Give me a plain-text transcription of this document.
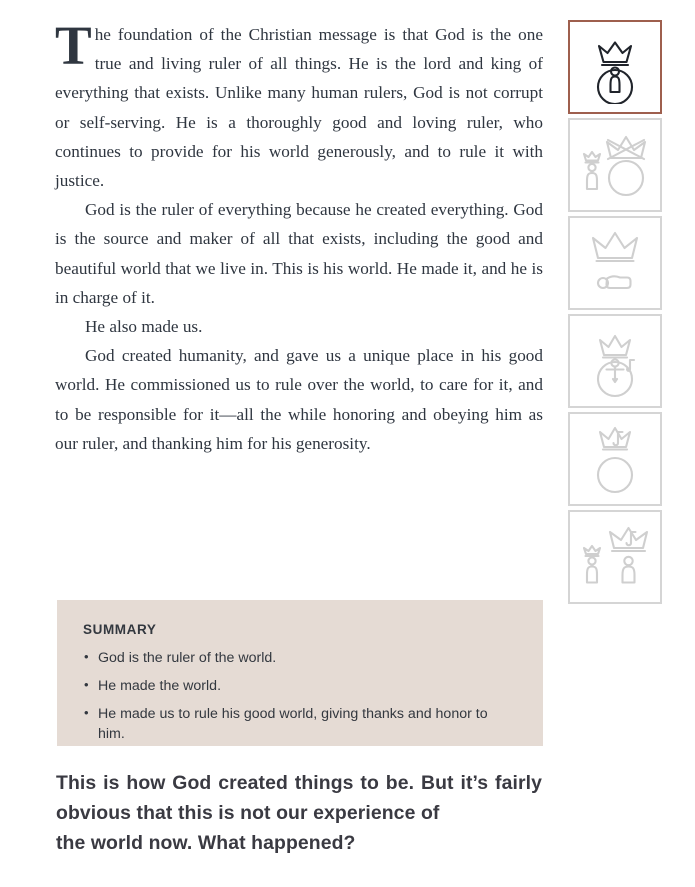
The foundation of the Christian message is that God is the one true and living ruler of all things. He is the lord and king of everything that exists. Unlike many human rulers, God is not corrupt or self-serving. He is a thoroughly good and loving ruler, who continues to provide for his world generously, and to rule it with justice.

God is the ruler of everything because he created everything. God is the source and maker of all that exists, including the good and beautiful world that we live in. This is his world. He made it, and he is in charge of it.

He also made us.

God created humanity, and gave us a unique place in his good world. He commissioned us to rule over the world, to care for it, and to be responsible for it—all the while honoring and obeying him as our ruler, and thanking him for his generosity.

SUMMARY
• God is the ruler of the world.
• He made the world.
• He made us to rule his good world, giving thanks and honor to him.
This is how God created things to be. But it’s fairly obvious that this is not our experience of
the world now. What happened?
